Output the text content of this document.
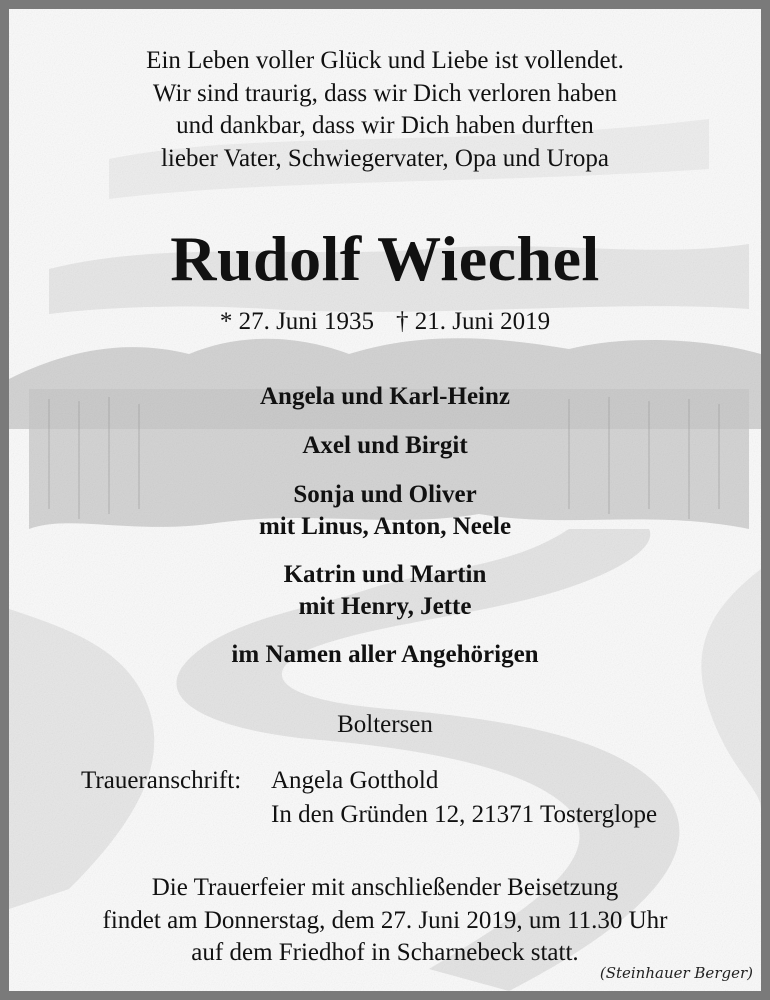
Ein Leben voller Glück und Liebe ist vollendet.
Wir sind traurig, dass wir Dich verloren haben
und dankbar, dass wir Dich haben durften
lieber Vater, Schwiegervater, Opa und Uropa
Rudolf Wiechel
* 27. Juni 1935 † 21. Juni 2019
Angela und Karl-Heinz
Axel und Birgit
Sonja und Oliver
mit Linus, Anton, Neele
Katrin und Martin
mit Henry, Jette
im Namen aller Angehörigen
Boltersen
Traueranschrift: Angela Gotthold
In den Gründen 12, 21371 Tosterglope
Die Trauerfeier mit anschließender Beisetzung
findet am Donnerstag, dem 27. Juni 2019, um 11.30 Uhr
auf dem Friedhof in Scharnebeck statt.
(Steinhauer Berger)
